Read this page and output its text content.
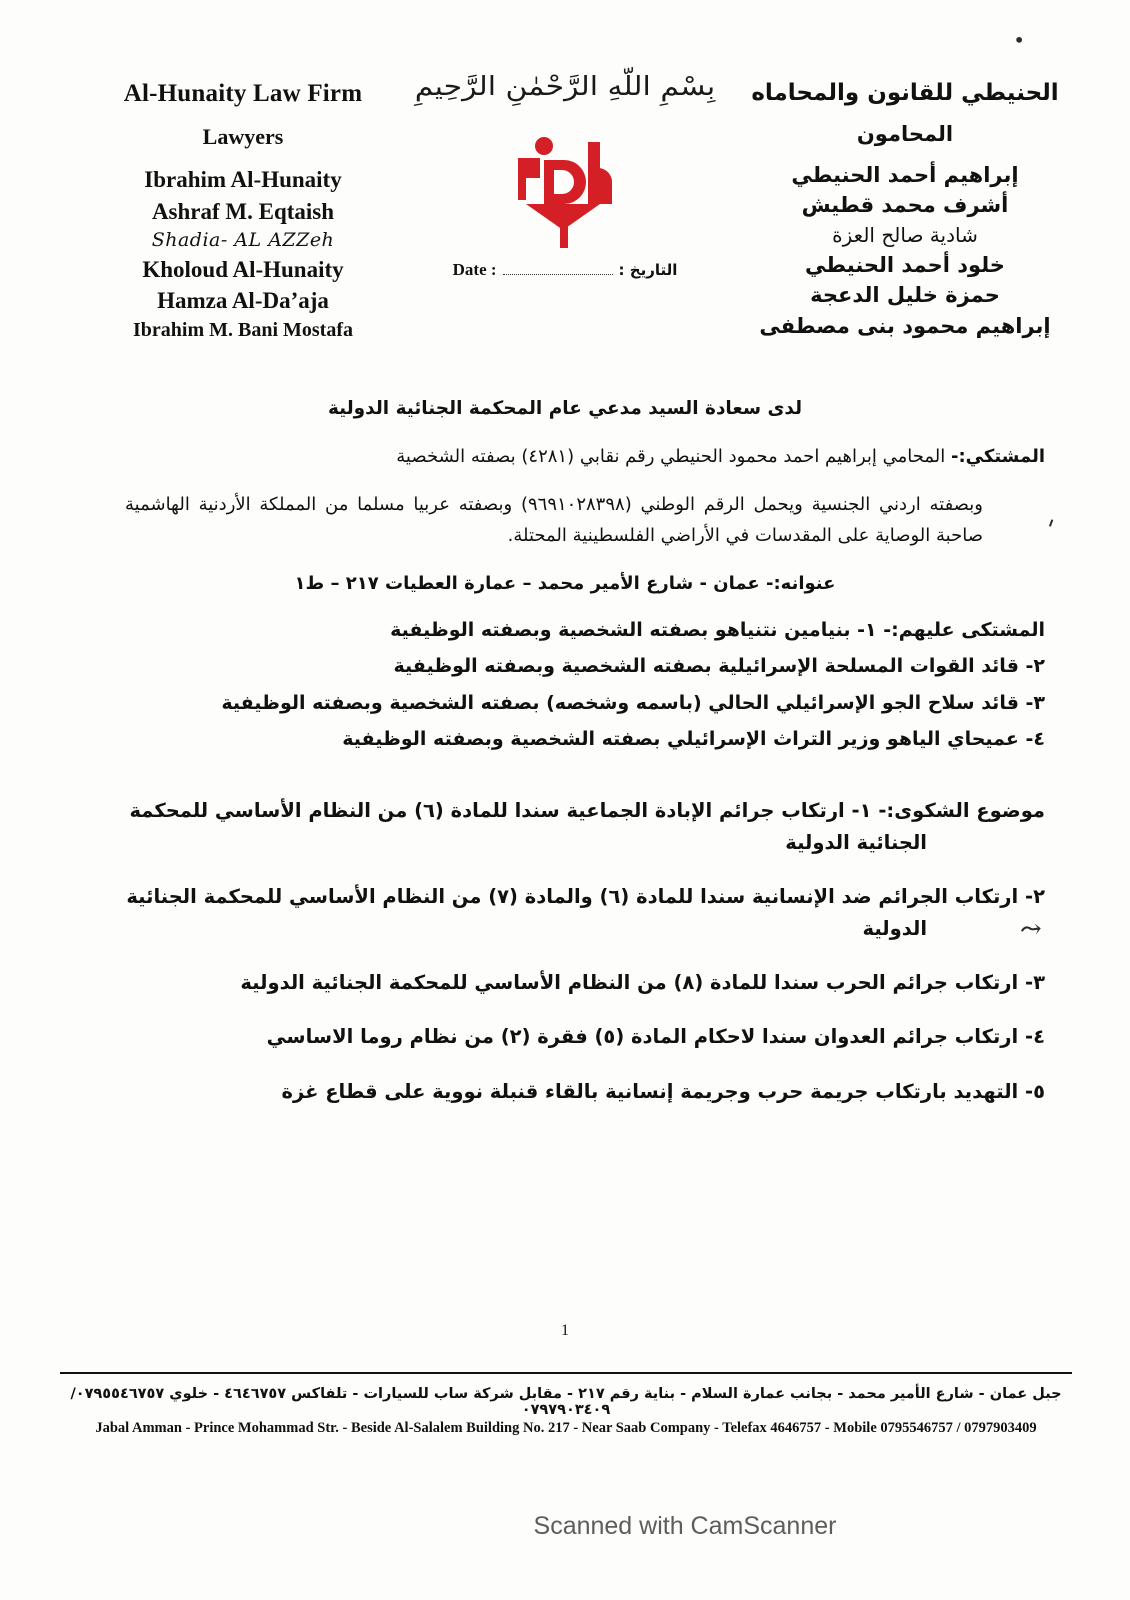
•
'
⤳
Al-Hunaity Law Firm
Lawyers
Ibrahim Al-Hunaity
Ashraf M. Eqtaish
Shadia- AL AZZeh
Kholoud Al-Hunaity
Hamza Al-Da’aja
Ibrahim M. Bani Mostafa
بِسْمِ اللّهِ الرَّحْمٰنِ الرَّحِيمِ
Date :	التاريخ :
الحنيطي للقانون والمحاماه
المحامون
إبراهيم أحمد الحنيطي
أشرف محمد قطيش
شادية صالح العزة
خلود أحمد الحنيطي
حمزة خليل الدعجة
إبراهيم محمود بنى مصطفى
لدى سعادة السيد مدعي عام المحكمة الجنائية الدولية
المشتكي:- المحامي إبراهيم احمد محمود الحنيطي رقم نقابي (٤٢٨١) بصفته الشخصية
وبصفته اردني الجنسية ويحمل الرقم الوطني (٩٦٩١٠٢٨٣٩٨) وبصفته عربيا مسلما من المملكة الأردنية الهاشمية صاحبة الوصاية على المقدسات في الأراضي الفلسطينية المحتلة.
عنوانه:- عمان - شارع الأمير محمد – عمارة العطيات ٢١٧ – ط١
المشتكى عليهم:- ١- بنيامين نتنياهو بصفته الشخصية وبصفته الوظيفية
٢- قائد القوات المسلحة الإسرائيلية بصفته الشخصية وبصفته الوظيفية
٣- قائد سلاح الجو الإسرائيلي الحالي (باسمه وشخصه) بصفته الشخصية وبصفته الوظيفية
٤- عميحاي الياهو وزير التراث الإسرائيلي بصفته الشخصية وبصفته الوظيفية
موضوع الشكوى:- ١- ارتكاب جرائم الإبادة الجماعية سندا للمادة (٦) من النظام الأساسي للمحكمة الجنائية الدولية
٢- ارتكاب الجرائم ضد الإنسانية سندا للمادة (٦) والمادة (٧) من النظام الأساسي للمحكمة الجنائية الدولية
٣- ارتكاب جرائم الحرب سندا للمادة (٨) من النظام الأساسي للمحكمة الجنائية الدولية
٤- ارتكاب جرائم العدوان سندا لاحكام المادة (٥) فقرة (٢) من نظام روما الاساسي
٥- التهديد بارتكاب جريمة حرب وجريمة إنسانية بالقاء قنبلة نووية على قطاع غزة
1
جبل عمان - شارع الأمير محمد - بجانب عمارة السلام - بناية رقم ٢١٧ - مقابل شركة ساب للسيارات - تلفاكس ٤٦٤٦٧٥٧ - خلوي ٠٧٩٥٥٤٦٧٥٧/ ٠٧٩٧٩٠٣٤٠٩
Jabal Amman - Prince Mohammad Str. - Beside Al-Salalem Building No. 217 - Near Saab Company - Telefax 4646757 - Mobile 0795546757 / 0797903409
Scanned with CamScanner
